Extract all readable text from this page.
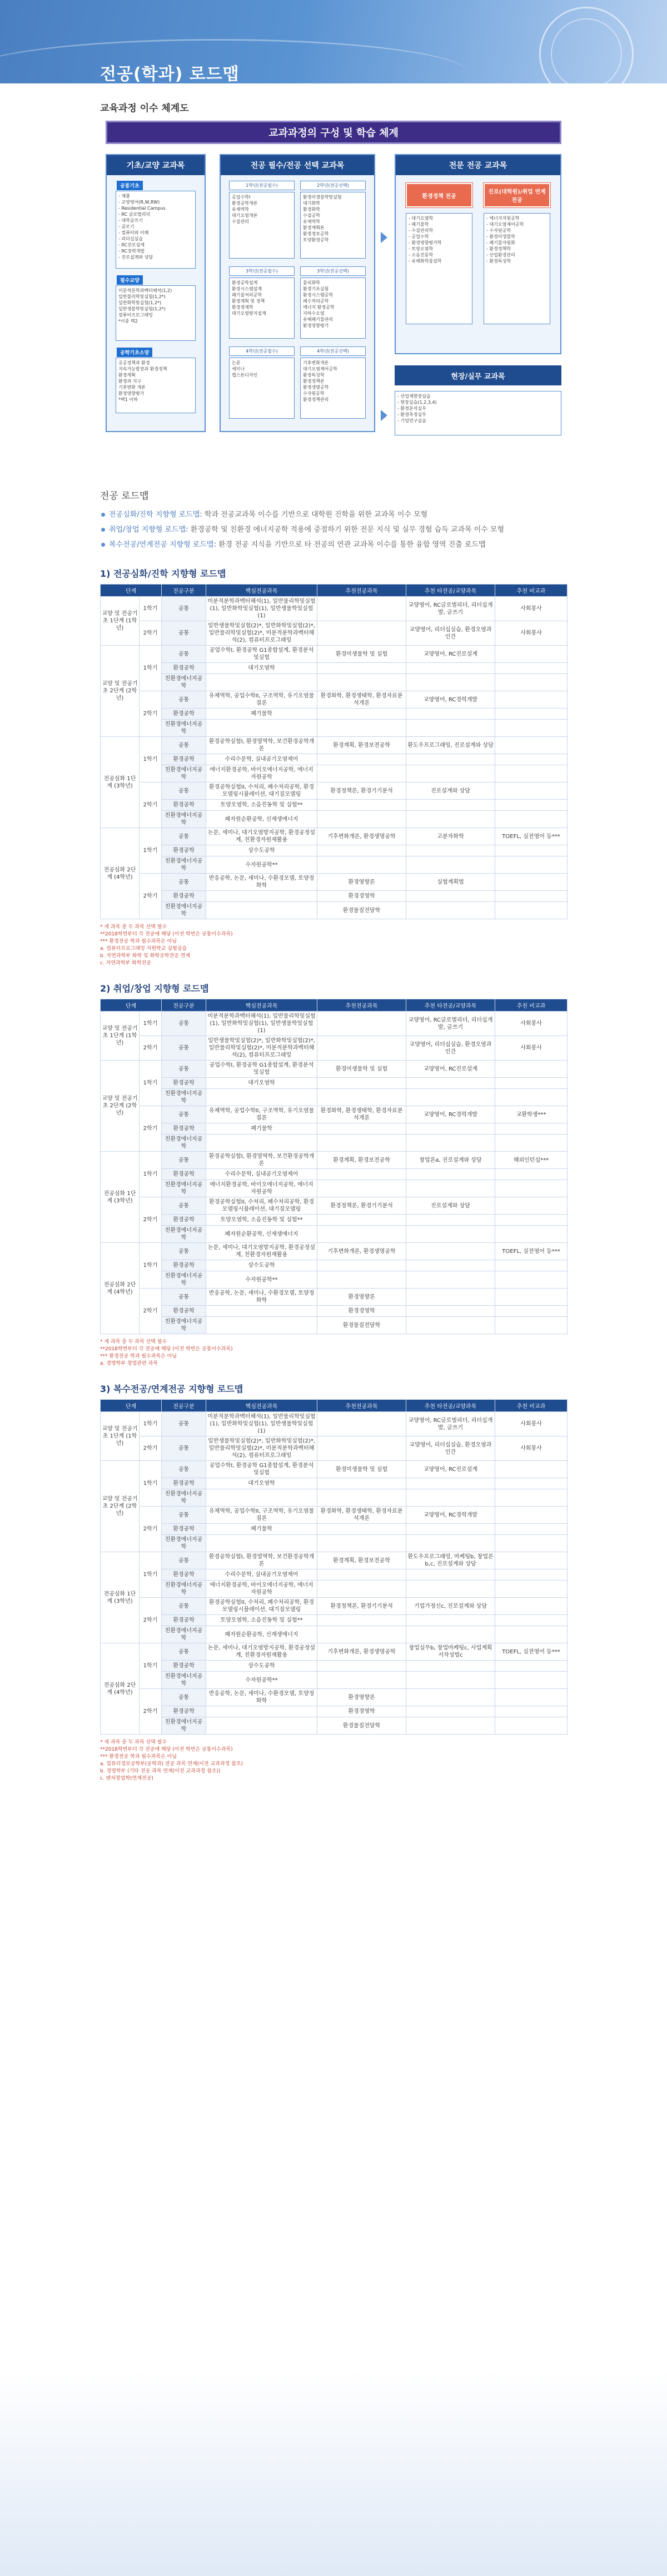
전공(학과) 로드맵
교육과정 이수 체계도
교과과정의 구성 및 학습 체계
기초/교양 교과목
공통기초
- 채플
- 교양영어(R,W,RW)
- Residential Campus
- RC 글로벌리더
- 대학글쓰기
- 글로기
- 컴퓨터와 이해
- 리더십실습
- RC진로설계
- RC경력개발
- 진로설계와 상담
필수교양
미분적분학과벡터해석(1,2)
일반물리학및실험(1,2*)
일반화학및실험(1,2*)
일반생물학및실험(1,2*)
컴퓨터프로그래밍
*이중 택2
공학기초소양
공공정책과 환경
지속가능발전과 환경정책
환경계획
환경과 지구
기후변화 개론
환경영향평가
*택1 이하
전공 필수/전공 선택 교과목
1학년(전공필수)	2학년(전공선택)
공업수학I
환경공학개론
유체역학
대기오염개론
수질관리
환경미생물학및실험
대기화학
환경화학
수질공학
유체역학
환경계획론
환경정보공학
토양환경공학
3학년(전공필수)	3학년(전공선택)
환경공학설계
환경시스템설계
폐기물처리공학
환경계획 및 정책
환경경제학
대기오염방지설계
물리화학
환경기초실험
환경시스템공학
폐수처리공학
에너지 환경공학
지하수오염
유해폐기물관리
환경영향평가
4학년(전공필수)	4학년(전공선택)
논문
세미나
캡스톤디자인
기후변화개론
대기오염제어공학
환경독성학
환경정책론
환경생명공학
수자원공학
환경정책관리
전문 전공 교과목
환경정책 전공
진로(대학원)/취업 연계 전공
- 대기오염학
- 폐기물학
- 수질관리학
- 공업수학
- 환경영향평가학
- 토양오염학
- 소음진동학
- 유해화학물질학
- 에너지자원공학
- 대기오염제어공학
- 수자원공학
- 환경미생물학
- 폐기물자원화
- 환경정책학
- 산업환경관리
- 환경독성학
현장/실무 교과목
- 산업체현장실습
- 현장실습(1,2,3,4)
- 환경분석실무
- 환경측정실무
- 기업연구실습
전공 로드맵
전공심화/진학 지향형 로드맵: 학과 전공교과목 이수를 기반으로 대학원 진학을 위한 교과목 이수 모형
취업/창업 지향형 로드맵: 환경공학 및 친환경 에너지공학 적용에 중점하기 위한 전문 지식 및 실무 경험 습득 교과목 이수 모형
복수전공/연계전공 지향형 로드맵: 환경 전공 지식을 기반으로 타 전공의 연관 교과목 이수를 통한 융합 영역 진출 로드맵
1) 전공심화/진학 지향형 로드맵
단계		전공구분	핵심전공과목	추천전공과목	추천 타전공/교양과목	추천 비교과
교양 및 전공기초 1단계 (1학년)	1학기	공통	미분적분학과벡터해석(1), 일반물리학및실험(1), 일반화학및실험(1), 일반생물학및실험(1)		교양영어, RC글로벌리더, 리더십개발, 글쓰기	사회봉사
	2학기	공통	일반생물학및실험(2)*, 일반화학및실험(2)*, 일반물리학및실험(2)*, 미분적분학과벡터해석(2), 컴퓨터프로그래밍		교양영어, 리더십실습, 환경오염과 인간	사회봉사
교양 및 전공기초 2단계 (2학년)	1학기	공통	공업수학I, 환경공학 G1종합설계, 환경분석및실험	환경미생물학 및 실험	교양영어, RC진로설계	
		환경공학	대기오염학			
		친환경에너지공학				
	2학기	공통	유체역학, 공업수학II, 구조역학, 유기오염물질론	환경화학, 환경생태학, 환경자료분석개론	교양영어, RC경력개발	
		환경공학	폐기물학			
		친환경에너지공학				
전공심화 1단계 (3학년)	1학기	공통	환경공학실험I, 환경열역학, 보건환경공학개론	환경계획, 환경보전공학	환도우프로그래밍, 진로설계와 상담	
		환경공학	수리수문학, 실내공기오염제어			
		친환경에너지공학	에너지환경공학, 바이오에너지공학, 에너지자원공학			
	2학기	공통	환경공학실험II, 수처리, 폐수처리공학, 환경모델링시뮬레이션, 대기질모델링	환경정책론, 환경기기분석	진로설계와 상담	
		환경공학	토양오염학, 소음진동학 및 실험**			
		친환경에너지공학	폐자원순환공학, 신재생에너지			
전공심화 2단계 (4학년)	1학기	공통	논문, 세미나, 대기오염방지공학, 환경공정설계, 친환경자원재활용	기후변화개론, 환경생명공학	고분자화학	TOEFL, 실전영어 등***
		환경공학	상수도공학			
		친환경에너지공학	수자원공학**			
	2학기	공통	반응공학, 논문, 세미나, 수환경모델, 토양정화학	환경영향론	실험계획법	
		환경공학		환경경영학		
		친환경에너지공학		환경물질전달학		
* 세 과목 중 두 과목 선택 필수
**2018학번부터 각 전공에 해당 (이전 학번은 공통이수과목)
*** 환경전공 학과 필수과목은 아님
a. 컴퓨터프로그래밍 지원학교 실험실습
b. 자연과학부 화학 및 화학공학전공 연계
c. 자연과학부 화학전공
2) 취업/창업 지향형 로드맵
단계		전공구분	핵심전공과목	추천전공과목	추천 타전공/교양과목	추천 비교과
교양 및 전공기초 1단계 (1학년)	1학기	공통	미분적분학과벡터해석(1), 일반물리학및실험(1), 일반화학및실험(1), 일반생물학및실험(1)		교양영어, RC글로벌리더, 리더십개발, 글쓰기	사회봉사
	2학기	공통	일반생물학및실험(2)*, 일반화학및실험(2)*, 일반물리학및실험(2)*, 미분적분학과벡터해석(2), 컴퓨터프로그래밍		교양영어, 리더십실습, 환경오염과 인간	사회봉사
교양 및 전공기초 2단계 (2학년)	1학기	공통	공업수학I, 환경공학 G1종합설계, 환경분석및실험	환경미생물학 및 실험	교양영어, RC진로설계	
		환경공학	대기오염학			
		친환경에너지공학				
	2학기	공통	유체역학, 공업수학II, 구조역학, 유기오염물질론	환경화학, 환경생태학, 환경자료분석개론	교양영어, RC경력개발	교환학생***
		환경공학	폐기물학			
		친환경에너지공학				
전공심화 1단계 (3학년)	1학기	공통	환경공학실험I, 환경열역학, 보건환경공학개론	환경계획, 환경보전공학	창업론a, 진로설계와 상담	해외인턴십***
		환경공학	수리수문학, 실내공기오염제어			
		친환경에너지공학	에너지환경공학, 바이오에너지공학, 에너지자원공학			
	2학기	공통	환경공학실험II, 수처리, 폐수처리공학, 환경모델링시뮬레이션, 대기질모델링	환경정책론, 환경기기분석	진로설계와 상담	
		환경공학	토양오염학, 소음진동학 및 실험**			
		친환경에너지공학	폐자원순환공학, 신재생에너지			
전공심화 2단계 (4학년)	1학기	공통	논문, 세미나, 대기오염방지공학, 환경공정설계, 친환경자원재활용	기후변화개론, 환경생명공학		TOEFL, 실전영어 등***
		환경공학	상수도공학			
		친환경에너지공학	수자원공학**			
	2학기	공통	반응공학, 논문, 세미나, 수환경모델, 토양정화학	환경영향론		
		환경공학		환경경영학		
		친환경에너지공학		환경물질전달학		
* 세 과목 중 두 과목 선택 필수
**2018학번부터 각 전공에 해당 (이전 학번은 공통이수과목)
*** 환경전공 학과 필수과목은 아님
a. 경영학부 창업관련 과목
3) 복수전공/연계전공 지향형 로드맵
단계		전공구분	핵심전공과목	추천전공과목	추천 타전공/교양과목	추천 비교과
교양 및 전공기초 1단계 (1학년)	1학기	공통	미분적분학과벡터해석(1), 일반물리학및실험(1), 일반화학및실험(1), 일반생물학및실험(1)		교양영어, RC글로벌리더, 리더십개발, 글쓰기	사회봉사
	2학기	공통	일반생물학및실험(2)*, 일반화학및실험(2)*, 일반물리학및실험(2)*, 미분적분학과벡터해석(2), 컴퓨터프로그래밍		교양영어, 리더십실습, 환경오염과 인간	사회봉사
교양 및 전공기초 2단계 (2학년)	1학기	공통	공업수학I, 환경공학 G1종합설계, 환경분석및실험	환경미생물학 및 실험	교양영어, RC진로설계	
		환경공학	대기오염학			
		친환경에너지공학				
	2학기	공통	유체역학, 공업수학II, 구조역학, 유기오염물질론	환경화학, 환경생태학, 환경자료분석개론	교양영어, RC경력개발	
		환경공학	폐기물학			
		친환경에너지공학				
전공심화 1단계 (3학년)	1학기	공통	환경공학실험I, 환경열역학, 보건환경공학개론	환경계획, 환경보전공학	환도우프로그래밍, 마케팅b, 창업론b,c, 진로설계와 상담	
		환경공학	수리수문학, 실내공기오염제어			
		친환경에너지공학	에너지환경공학, 바이오에너지공학, 에너지자원공학			
	2학기	공통	환경공학실험II, 수처리, 폐수처리공학, 환경모델링시뮬레이션, 대기질모델링	환경정책론, 환경기기분석	기업가정신c, 진로설계와 상담	
		환경공학	토양오염학, 소음진동학 및 실험**			
		친환경에너지공학	폐자원순환공학, 신재생에너지			
전공심화 2단계 (4학년)	1학기	공통	논문, 세미나, 대기오염방지공학, 환경공정설계, 친환경자원재활용	기후변화개론, 환경생명공학	창업실무b, 창업마케팅c, 사업계획서작성법c	TOEFL, 실전영어 등***
		환경공학	상수도공학			
		친환경에너지공학	수자원공학**			
	2학기	공통	반응공학, 논문, 세미나, 수환경모델, 토양정화학	환경영향론		
		환경공학		환경경영학		
		친환경에너지공학		환경물질전달학		
* 세 과목 중 두 과목 선택 필수
**2018학번부터 각 전공에 해당 (이전 학번은 공통이수과목)
*** 환경전공 학과 필수과목은 아님
a. 컴퓨터정보공학부(공학과) 전공 과목 연계(이전 교과과정 참조)
b. 경영학부 (기타 전공 과목 연계(이전 교과과정 참조))
c. 벤처창업학(연계전공)
